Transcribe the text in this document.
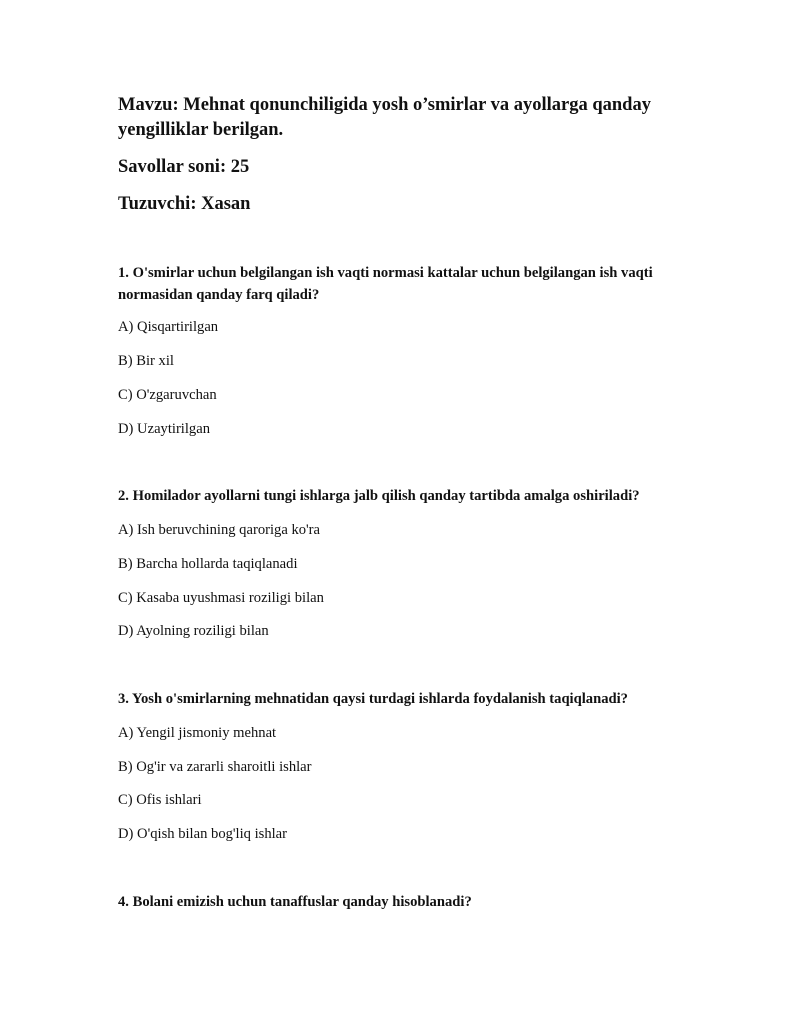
Mavzu: Mehnat qonunchiligida yosh o’smirlar va ayollarga qanday yengilliklar berilgan.

Savollar soni: 25

Tuzuvchi: Xasan

1. O'smirlar uchun belgilangan ish vaqti normasi kattalar uchun belgilangan ish vaqti normasidan qanday farq qiladi?

A) Qisqartirilgan

B) Bir xil

C) O'zgaruvchan

D) Uzaytirilgan

2. Homilador ayollarni tungi ishlarga jalb qilish qanday tartibda amalga oshiriladi?

A) Ish beruvchining qaroriga ko'ra

B) Barcha hollarda taqiqlanadi

C) Kasaba uyushmasi roziligi bilan

D) Ayolning roziligi bilan

3. Yosh o'smirlarning mehnatidan qaysi turdagi ishlarda foydalanish taqiqlanadi?

A) Yengil jismoniy mehnat

B) Og'ir va zararli sharoitli ishlar

C) Ofis ishlari

D) O'qish bilan bog'liq ishlar

4. Bolani emizish uchun tanaffuslar qanday hisoblanadi?
